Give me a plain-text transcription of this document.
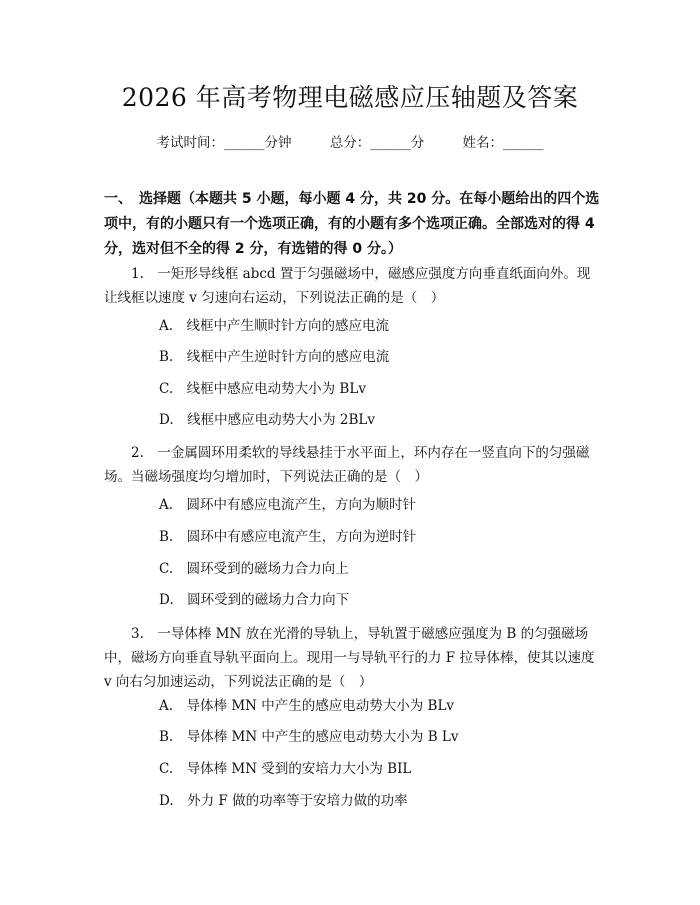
2026 年高考物理电磁感应压轴题及答案
考试时间：______分钟	总分：______分	姓名：______
一、　选择题（本题共 5 小题，每小题 4 分，共 20 分。在每小题给出的四个选项中，有的小题只有一个选项正确，有的小题有多个选项正确。全部选对的得 4 分，选对但不全的得 2 分，有选错的得 0 分。）
1.　一矩形导线框 abcd 置于匀强磁场中，磁感应强度方向垂直纸面向外。现让线框以速度 v 匀速向右运动，下列说法正确的是（　）
A.　线框中产生顺时针方向的感应电流
B.　线框中产生逆时针方向的感应电流
C.　线框中感应电动势大小为 BLv
D.　线框中感应电动势大小为 2BLv
2.　一金属圆环用柔软的导线悬挂于水平面上，环内存在一竖直向下的匀强磁场。当磁场强度均匀增加时，下列说法正确的是（　）
A.　圆环中有感应电流产生，方向为顺时针
B.　圆环中有感应电流产生，方向为逆时针
C.　圆环受到的磁场力合力向上
D.　圆环受到的磁场力合力向下
3.　一导体棒 MN 放在光滑的导轨上，导轨置于磁感应强度为 B 的匀强磁场中，磁场方向垂直导轨平面向上。现用一与导轨平行的力 F 拉导体棒，使其以速度 v 向右匀加速运动，下列说法正确的是（　）
A.　导体棒 MN 中产生的感应电动势大小为 BLv
B.　导体棒 MN 中产生的感应电动势大小为 B Lv
C.　导体棒 MN 受到的安培力大小为 BIL
D.　外力 F 做的功率等于安培力做的功率
